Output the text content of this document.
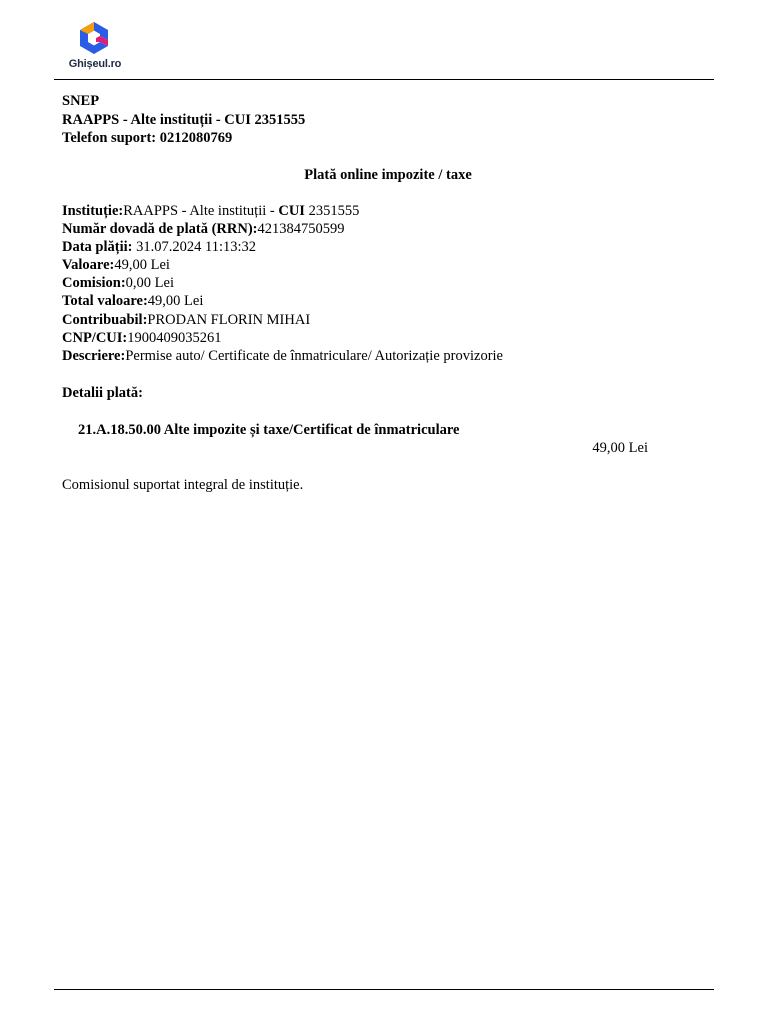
Ghișeul.ro
SNEP
RAAPPS - Alte instituții - CUI 2351555
Telefon suport: 0212080769
Plată online impozite / taxe
Instituție:RAAPPS - Alte instituții - CUI 2351555
Număr dovadă de plată (RRN):421384750599
Data plății: 31.07.2024 11:13:32
Valoare:49,00 Lei
Comision:0,00 Lei
Total valoare:49,00 Lei
Contribuabil:PRODAN FLORIN MIHAI
CNP/CUI:1900409035261
Descriere:Permise auto/ Certificate de înmatriculare/ Autorizație provizorie
Detalii plată:
21.A.18.50.00 Alte impozite și taxe/Certificat de înmatriculare
49,00 Lei
Comisionul suportat integral de instituție.
